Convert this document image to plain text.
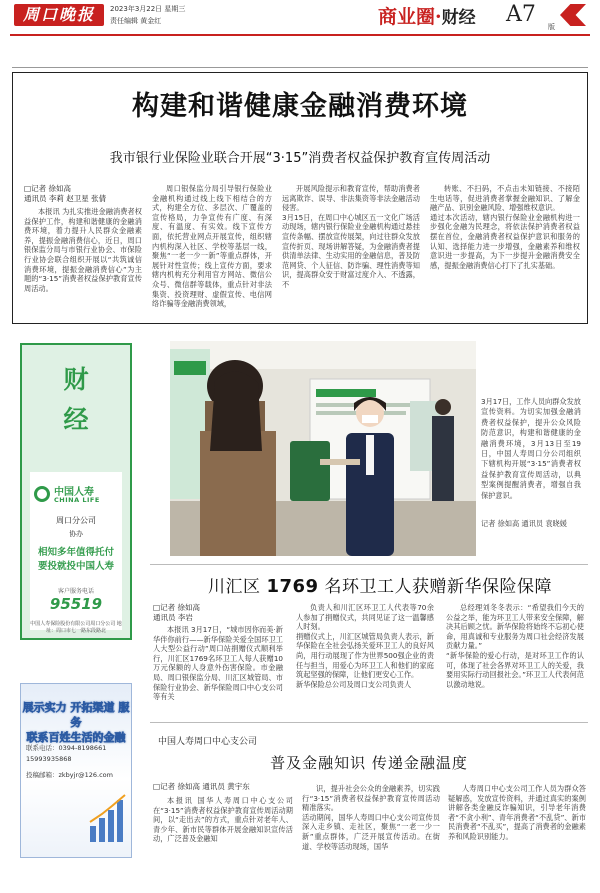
周口晚报	2023年3月22日 星期三
责任编辑 黄金红	商业圈·财经 A7 版
构建和谐健康金融消费环境
我市银行业保险业联合开展“3·15”消费者权益保护教育宣传周活动
□记者 徐如高
通讯员 李莉 赵卫星 张倩

本报讯 为扎实推进金融消费者权益保护工作，构建和谐健康的金融消费环境，着力提升人民群众金融素养，提振金融消费信心，近日，周口银保监分局与市银行业协会、市保险行业协会联合组织开展以“共筑诚信消费环境，提振金融消费信心”为主题的“3·15”消费者权益保护教育宣传周活动。

周口银保监分局引导银行保险业金融机构通过线上线下相结合的方式，构建全方位、多层次、广覆盖的宣传格局，力争宣传有广度、有深度、有温度、有实效。线下宣传方面，依托营业网点开展宣传，组织辖内机构深入社区、学校等基层一线，聚焦“一老一少一新”等重点群体，开展针对性宣传；线上宣传方面，要求辖内机构充分利用官方网站、微信公众号、微信群等载体，重点针对非法集资、投资理财、虚假宣传、电信网络诈骗等金融消费领域，

开展风险提示和教育宣传，帮助消费者远离欺诈、误导、非法集资等非法金融活动侵害。
3月15日，在周口中心城区五一文化广场活动现场，辖内银行保险业金融机构通过悬挂宣传条幅、摆放宣传展架，向过往群众发放宣传折页、现场讲解答疑，为金融消费者提供清单法律、生动实用的金融信息，普及防范网贷、个人征信、防诈骗、理性消费等知识，提高群众安于财富过度介入、不透露，不

转账、不扫码，不点击未知链接、不接陌生电话等，促进消费者掌握金融知识、了解金融产品、识别金融风险、增强维权意识。
通过本次活动，辖内银行保险业金融机构进一步强化金融为民理念，将依法保护消费者权益摆在首位，金融消费者权益保护意识和服务的认知、选择能力进一步增强，金融素养和维权意识进一步提高，为下一步提升金融消费安全感，提振金融消费信心打下了扎实基础。

财
经
中国人寿
CHINA LIFE
周口分公司
协办
相知多年值得托付
要投就投中国人寿
客户服务电话
95519
中国人寿保险股份有限公司周口分公司 地址：周口市七一路东段路北
展示实力 开拓渠道 服务
联系百姓生活的金融
联系电话：0394-8198661
15993935868
投稿邮箱：zkbyjr@126.com
3月17日，工作人员向群众发放宣传资料。为切实加强金融消费者权益保护，提升公众风险防范意识，构建和谐健康的金融消费环境，3月13日至19日，中国人寿周口分公司组织下辖机构开展“3·15”消费者权益保护教育宣传周活动，以典型案例提醒消费者，增强自我保护意识。
记者 徐如高 通讯员 袁晓媛
川汇区 1769 名环卫工人获赠新华保险保障
□记者 徐如高
通讯员 李岩

本报讯 3月17日，“城市因你而美·新华伴你前行——新华保险关爱全国环卫工人大型公益行动”周口站捐赠仪式顺利举行，川汇区1769名环卫工人每人获赠10万元保额的人身意外伤害保险。市金融局、周口银保监分局、川汇区城管局、市保险行业协会、新华保险周口中心支公司等有关

负责人和川汇区环卫工人代表等70余人参加了捐赠仪式，共同见证了这一温馨感人时刻。
捐赠仪式上，川汇区城管局负责人表示，新华保险在全社会弘扬关爱环卫工人的良好风尚，用行动展现了作为世界500强企业的责任与担当，用爱心为环卫工人和他们的家庭筑起坚强的保障，让他们更安心工作。
新华保险总公司及周口支公司负责人

总经理刘冬冬表示：“希望我们今天的公益之举，能为环卫工人带来安全保障，解决其后顾之忧。新华保险将始终不忘初心使命，用真诚和专业服务为周口社会经济发展贡献力量。”
“新华保险的爱心行动，是对环卫工作的认可，体现了社会各界对环卫工人的关爱，我要用实际行动回报社会。”环卫工人代表何范以激动地说。

中国人寿周口中心支公司
普及金融知识 传递金融温度
□记者 徐如高 通讯员 黄宇东

本报讯 国华人寿周口中心支公司在“3·15”消费者权益保护教育宣传周活动期间，以“走出去”的方式，重点针对老年人、青少年、新市民等群体开展金融知识宣传活动，广泛普及金融知

识，提升社会公众的金融素养，切实践行“3·15”消费者权益保护教育宣传周活动精准落实。
活动期间，国华人寿周口中心支公司宣传员深入走乡镇、走社区，聚焦“一老一少一新”重点群体，广泛开展宣传活动。在街道、学校等活动现场，国华

人寿周口中心支公司工作人员为群众答疑解惑，发放宣传资料，并通过真实的案例讲解各类金融反诈骗知识，引导老年消费者“不贪小利”、青年消费者“不乱贷”、新市民消费者“不乱买”，提高了消费者的金融素养和风险识别能力。
